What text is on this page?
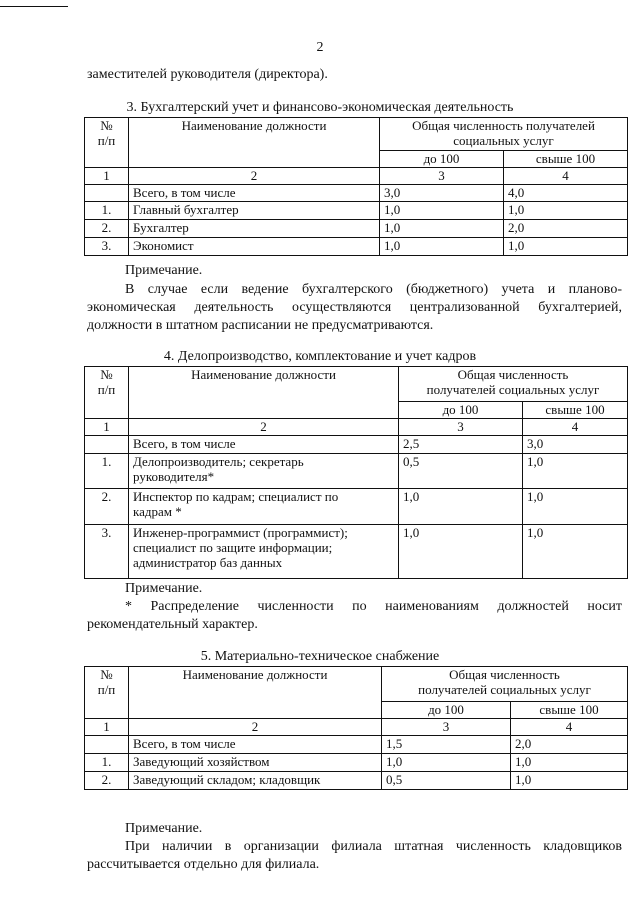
2
заместителей руководителя (директора).
3. Бухгалтерский учет и финансово-экономическая деятельность
№
п/п	Наименование должности	Общая численность получателей
социальных услуг	
		до 100	свыше 100
1	2	3	4
	Всего, в том числе	3,0	4,0
1.	Главный бухгалтер	1,0	1,0
2.	Бухгалтер	1,0	2,0
3.	Экономист	1,0	1,0
Примечание.
В случае если ведение бухгалтерского (бюджетного) учета и планово-
экономическая деятельность осуществляются централизованной бухгалтерией,
должности в штатном расписании не предусматриваются.
4. Делопроизводство, комплектование и учет кадров
№
п/п	Наименование должности	Общая численность
получателей социальных услуг	
		до 100	свыше 100
1	2	3	4
	Всего, в том числе	2,5	3,0
1.	Делопроизводитель; секретарь
руководителя*	0,5	1,0
2.	Инспектор по кадрам; специалист по
кадрам *	1,0	1,0
3.	Инженер-программист (программист);
специалист по защите информации;
администратор баз данных	1,0	1,0
Примечание.
* Распределение численности по наименованиям должностей носит
рекомендательный характер.
5. Материально-техническое снабжение
№
п/п	Наименование должности	Общая численность
получателей социальных услуг	
		до 100	свыше 100
1	2	3	4
	Всего, в том числе	1,5	2,0
1.	Заведующий хозяйством	1,0	1,0
2.	Заведующий складом; кладовщик	0,5	1,0
Примечание.
При наличии в организации филиала штатная численность кладовщиков
рассчитывается отдельно для филиала.
